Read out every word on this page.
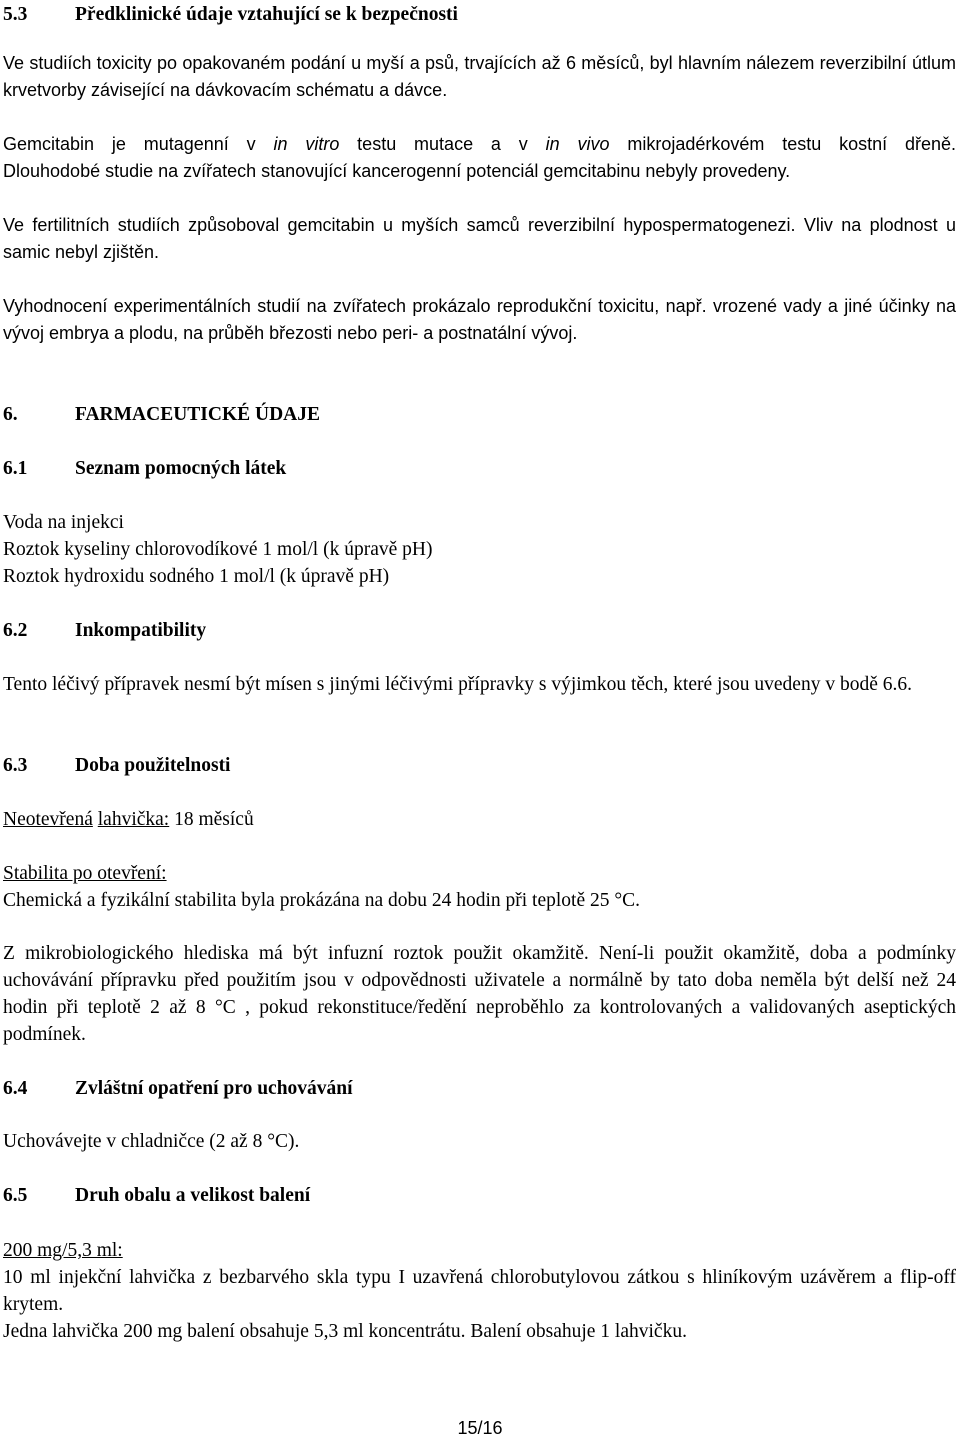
5.3 Předklinické údaje vztahující se k bezpečnosti

Ve studiích toxicity po opakovaném podání u myší a psů, trvajících až 6 měsíců, byl hlavním nálezem reverzibilní útlum krvetvorby závisející na dávkovacím schématu a dávce.

Gemcitabin je mutagenní v in vitro testu mutace a v in vivo mikrojadérkovém testu kostní dřeně.

Dlouhodobé studie na zvířatech stanovující kancerogenní potenciál gemcitabinu nebyly provedeny.

Ve fertilitních studiích způsoboval gemcitabin u myších samců reverzibilní hypospermatogenezi. Vliv na plodnost u samic nebyl zjištěn.

Vyhodnocení experimentálních studií na zvířatech prokázalo reprodukční toxicitu, např. vrozené vady a jiné účinky na vývoj embrya a plodu, na průběh březosti nebo peri- a postnatální vývoj.

6.	FARMACEUTICKÉ ÚDAJE
6.1 Seznam pomocných látek

Voda na injekci

Roztok kyseliny chlorovodíkové 1 mol/l (k úpravě pH)

Roztok hydroxidu sodného 1 mol/l (k úpravě pH)

6.2 Inkompatibility

Tento léčivý přípravek nesmí být mísen s jinými léčivými přípravky s výjimkou těch, které jsou uvedeny v bodě 6.6.

6.3 Doba použitelnosti

Neotevřená lahvička: 18 měsíců

Stabilita po otevření:

Chemická a fyzikální stabilita byla prokázána na dobu 24 hodin při teplotě 25 °C.

Z mikrobiologického hlediska má být infuzní roztok použit okamžitě. Není-li použit okamžitě, doba a podmínky uchovávání přípravku před použitím jsou v odpovědnosti uživatele a normálně by tato doba neměla být delší než 24 hodin při teplotě 2 až 8 °C , pokud rekonstituce/ředění neproběhlo za kontrolovaných a validovaných aseptických podmínek.

6.4 Zvláštní opatření pro uchovávání

Uchovávejte v chladničce (2 až 8 °C).

6.5 Druh obalu a velikost balení

200 mg/5,3 ml:

10 ml injekční lahvička z bezbarvého skla typu I uzavřená chlorobutylovou zátkou s hliníkovým uzávěrem a flip-off krytem.

Jedna lahvička 200 mg balení obsahuje 5,3 ml koncentrátu. Balení obsahuje 1 lahvičku.

15/16
